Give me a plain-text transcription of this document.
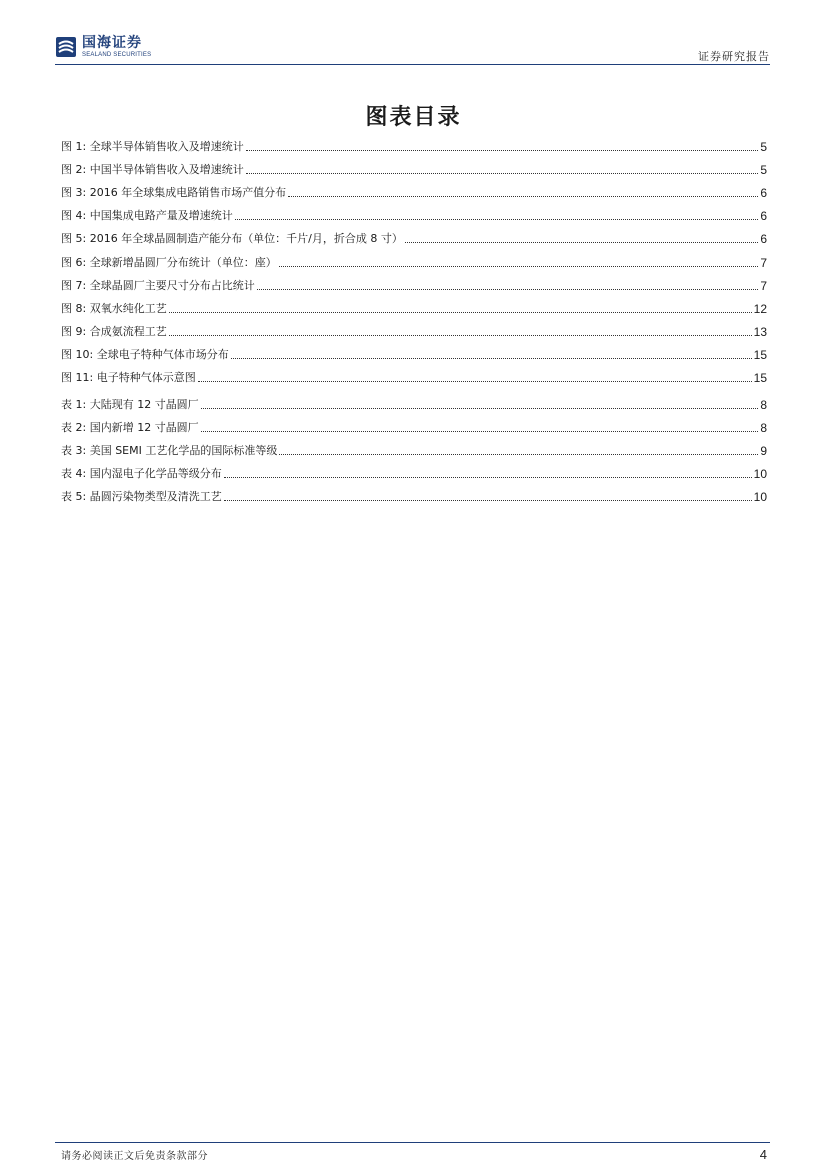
国海证券
SEALAND SECURITIES	证券研究报告
图表目录
图 1: 全球半导体销售收入及增速统计	5
图 2: 中国半导体销售收入及增速统计	5
图 3: 2016 年全球集成电路销售市场产值分布	6
图 4: 中国集成电路产量及增速统计	6
图 5: 2016 年全球晶圆制造产能分布（单位：千片/月，折合成 8 寸）	6
图 6: 全球新增晶圆厂分布统计（单位：座）	7
图 7: 全球晶圆厂主要尺寸分布占比统计	7
图 8: 双氧水纯化工艺	12
图 9: 合成氨流程工艺	13
图 10: 全球电子特种气体市场分布	15
图 11: 电子特种气体示意图	15
表 1: 大陆现有 12 寸晶圆厂	8
表 2: 国内新增 12 寸晶圆厂	8
表 3: 美国 SEMI 工艺化学品的国际标准等级	9
表 4: 国内湿电子化学品等级分布	10
表 5: 晶圆污染物类型及清洗工艺	10
请务必阅读正文后免责条款部分	4
